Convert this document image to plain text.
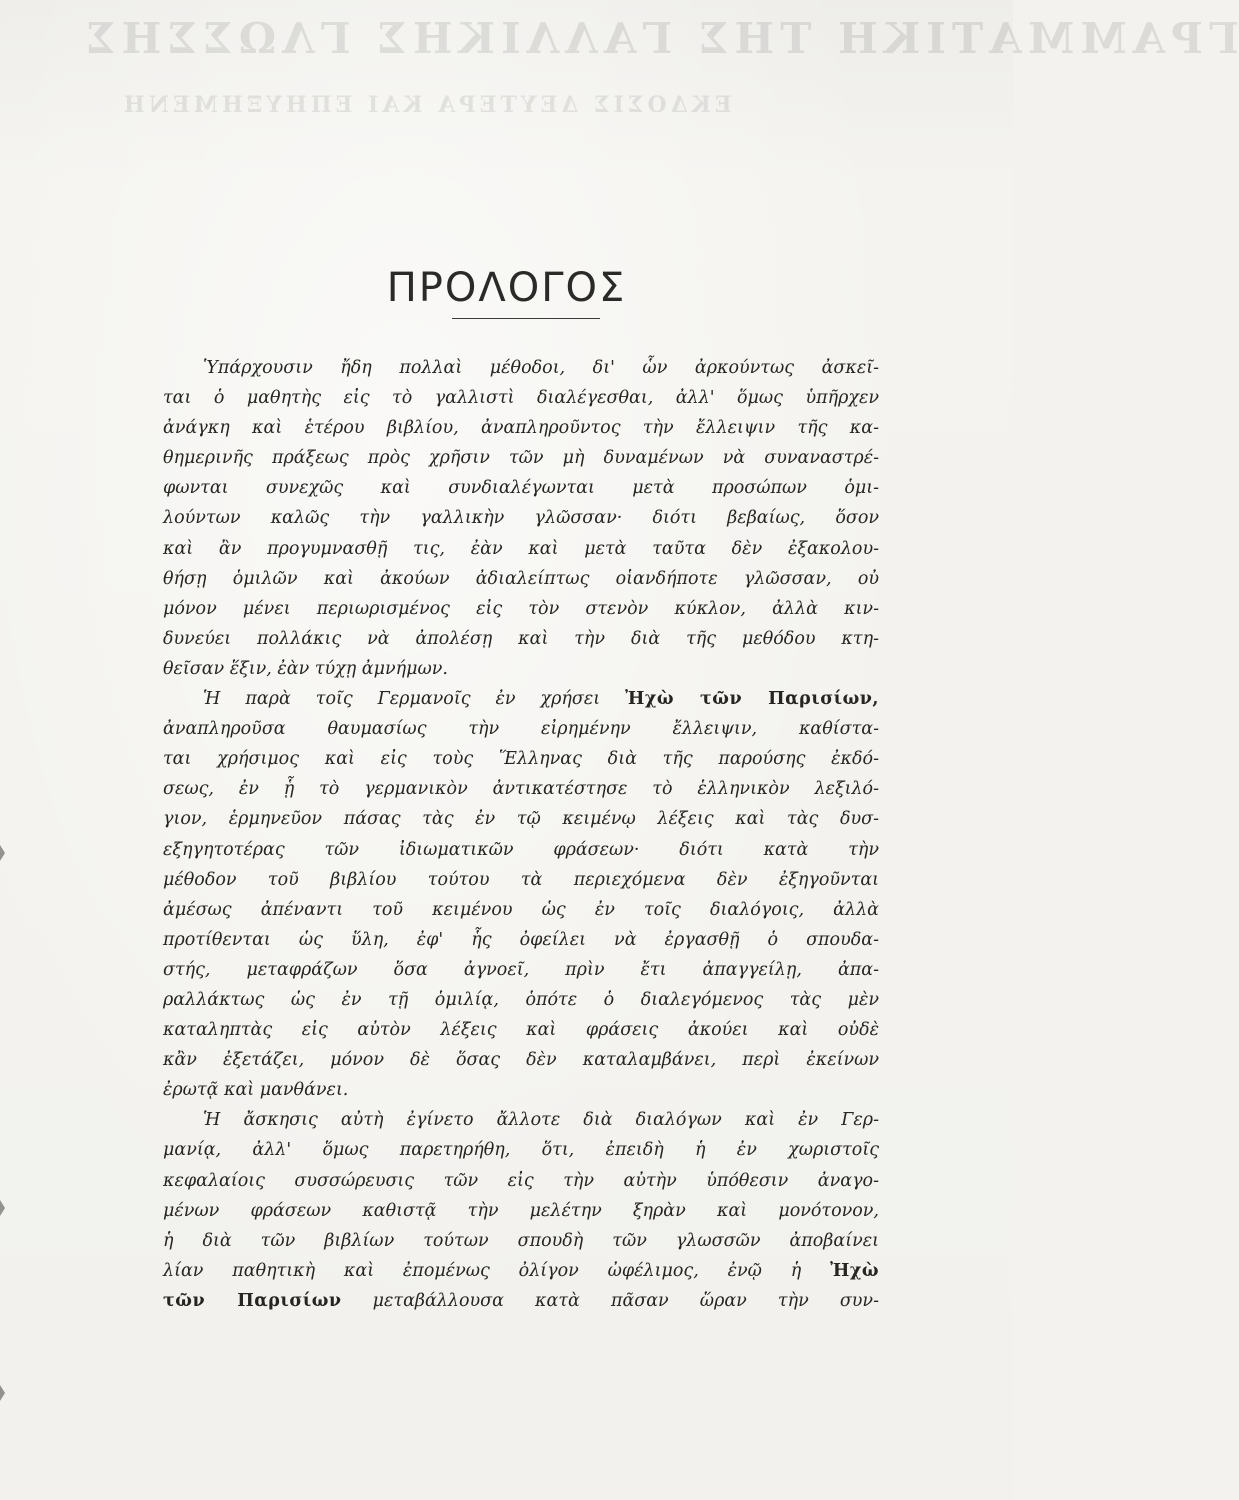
ΓΡΑΜΜΑΤΙΚΗ ΤΗΣ ΓΑΛΛΙΚΗΣ ΓΛΩΣΣΗΣ
ΕΚΔΟΣΙΣ ΔΕΥΤΕΡΑ ΚΑΙ ΕΠΗΥΞΗΜΕΝΗ
ΠΡΟΛΟΓΟΣ

Ὑπάρχουσιν ἤδη πολλαὶ μέθοδοι, δι' ὧν ἀρκούντως ἀσκεῖ-
ται ὁ μαθητὴς εἰς τὸ γαλλιστὶ διαλέγεσθαι, ἀλλ' ὅμως ὑπῆρχεν
ἀνάγκη καὶ ἑτέρου βιβλίου, ἀναπληροῦντος τὴν ἔλλειψιν τῆς κα-
θημερινῆς πράξεως πρὸς χρῆσιν τῶν μὴ δυναμένων νὰ συναναστρέ-
φωνται συνεχῶς καὶ συνδιαλέγωνται μετὰ προσώπων ὁμι-
λούντων καλῶς τὴν γαλλικὴν γλῶσσαν· διότι βεβαίως, ὅσον
καὶ ἂν προγυμνασθῇ τις, ἐὰν καὶ μετὰ ταῦτα δὲν ἐξακολου-
θήσῃ ὁμιλῶν καὶ ἀκούων ἀδιαλείπτως οἱανδήποτε γλῶσσαν, οὐ
μόνον μένει περιωρισμένος εἰς τὸν στενὸν κύκλον, ἀλλὰ κιν-
δυνεύει πολλάκις νὰ ἀπολέσῃ καὶ τὴν διὰ τῆς μεθόδου κτη-
θεῖσαν ἕξιν, ἐὰν τύχῃ ἀμνήμων.

Ἡ παρὰ τοῖς Γερμανοῖς ἐν χρήσει Ἠχὼ τῶν Παρισίων,
ἀναπληροῦσα θαυμασίως τὴν εἰρημένην ἔλλειψιν, καθίστα-
ται χρήσιμος καὶ εἰς τοὺς Ἕλληνας διὰ τῆς παρούσης ἐκδό-
σεως, ἐν ᾗ τὸ γερμανικὸν ἀντικατέστησε τὸ ἑλληνικὸν λεξιλό-
γιον, ἑρμηνεῦον πάσας τὰς ἐν τῷ κειμένῳ λέξεις καὶ τὰς δυσ-
εξηγητοτέρας τῶν ἰδιωματικῶν φράσεων· διότι κατὰ τὴν
μέθοδον τοῦ βιβλίου τούτου τὰ περιεχόμενα δὲν ἐξηγοῦνται
ἀμέσως ἀπέναντι τοῦ κειμένου ὡς ἐν τοῖς διαλόγοις, ἀλλὰ
προτίθενται ὡς ὕλη, ἐφ' ἧς ὀφείλει νὰ ἐργασθῇ ὁ σπουδα-
στής, μεταφράζων ὅσα ἀγνοεῖ, πρὶν ἔτι ἀπαγγείλῃ, ἀπα-
ραλλάκτως ὡς ἐν τῇ ὁμιλίᾳ, ὁπότε ὁ διαλεγόμενος τὰς μὲν
καταληπτὰς εἰς αὐτὸν λέξεις καὶ φράσεις ἀκούει καὶ οὐδὲ
κἂν ἐξετάζει, μόνον δὲ ὅσας δὲν καταλαμβάνει, περὶ ἐκείνων
ἐρωτᾷ καὶ μανθάνει.

Ἡ ἄσκησις αὐτὴ ἐγίνετο ἄλλοτε διὰ διαλόγων καὶ ἐν Γερ-
μανίᾳ, ἀλλ' ὅμως παρετηρήθη, ὅτι, ἐπειδὴ ἡ ἐν χωριστοῖς
κεφαλαίοις συσσώρευσις τῶν εἰς τὴν αὐτὴν ὑπόθεσιν ἀναγο-
μένων φράσεων καθιστᾷ τὴν μελέτην ξηρὰν καὶ μονότονον,
ἡ διὰ τῶν βιβλίων τούτων σπουδὴ τῶν γλωσσῶν ἀποβαίνει
λίαν παθητικὴ καὶ ἐπομένως ὀλίγον ὠφέλιμος, ἐνῷ ἡ Ἠχὼ
τῶν Παρισίων μεταβάλλουσα κατὰ πᾶσαν ὥραν τὴν συν-
